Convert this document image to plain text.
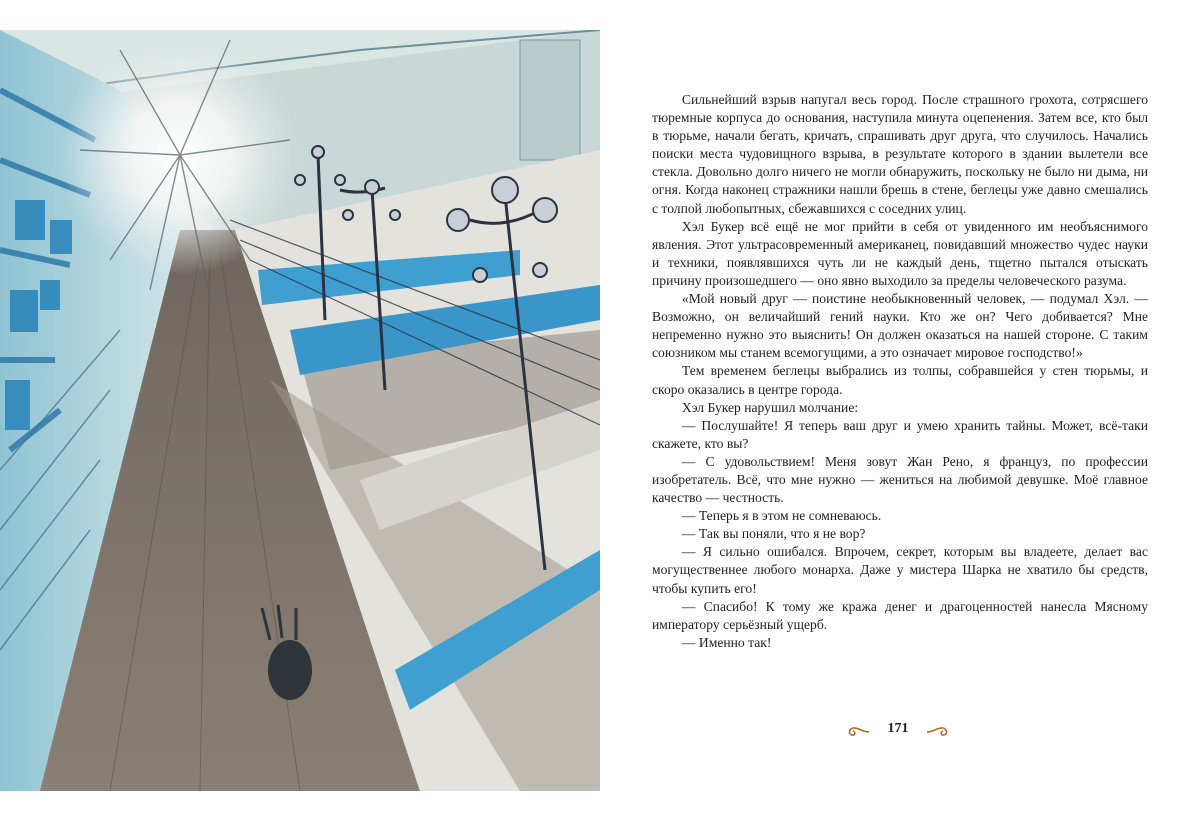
Сильнейший взрыв напугал весь город. После страшного грохота, сотрясшего тюремные корпуса до основания, наступила минута оцепенения. Затем все, кто был в тюрьме, начали бегать, кричать, спрашивать друг друга, что случилось. Начались поиски места чудовищного взрыва, в результате которого в здании вылетели все стекла. Довольно долго ничего не могли обнаружить, поскольку не было ни дыма, ни огня. Когда наконец стражники нашли брешь в стене, беглецы уже давно смешались с толпой любопытных, сбежавшихся с соседних улиц.

Хэл Букер всё ещё не мог прийти в себя от увиденного им необъяснимого явления. Этот ультрасовременный американец, повидавший множество чудес науки и техники, появлявшихся чуть ли не каждый день, тщетно пытался отыскать причину произошедшего — оно явно выходило за пределы человеческого разума.

«Мой новый друг — поистине необыкновенный человек, — подумал Хэл. — Возможно, он величайший гений науки. Кто же он? Чего добивается? Мне непременно нужно это выяснить! Он должен оказаться на нашей стороне. С таким союзником мы станем всемогущими, а это означает мировое господство!»

Тем временем беглецы выбрались из толпы, собравшейся у стен тюрьмы, и скоро оказались в центре города.

Хэл Букер нарушил молчание:

— Послушайте! Я теперь ваш друг и умею хранить тайны. Может, всё-таки скажете, кто вы?

— С удовольствием! Меня зовут Жан Рено, я француз, по профессии изобретатель. Всё, что мне нужно — жениться на любимой девушке. Моё главное качество — честность.

— Теперь я в этом не сомневаюсь.

— Так вы поняли, что я не вор?

— Я сильно ошибался. Впрочем, секрет, которым вы владеете, делает вас могущественнее любого монарха. Даже у мистера Шарка не хватило бы средств, чтобы купить его!

— Спасибо! К тому же кража денег и драгоценностей нанесла Мясному императору серьёзный ущерб.

— Именно так!

171
